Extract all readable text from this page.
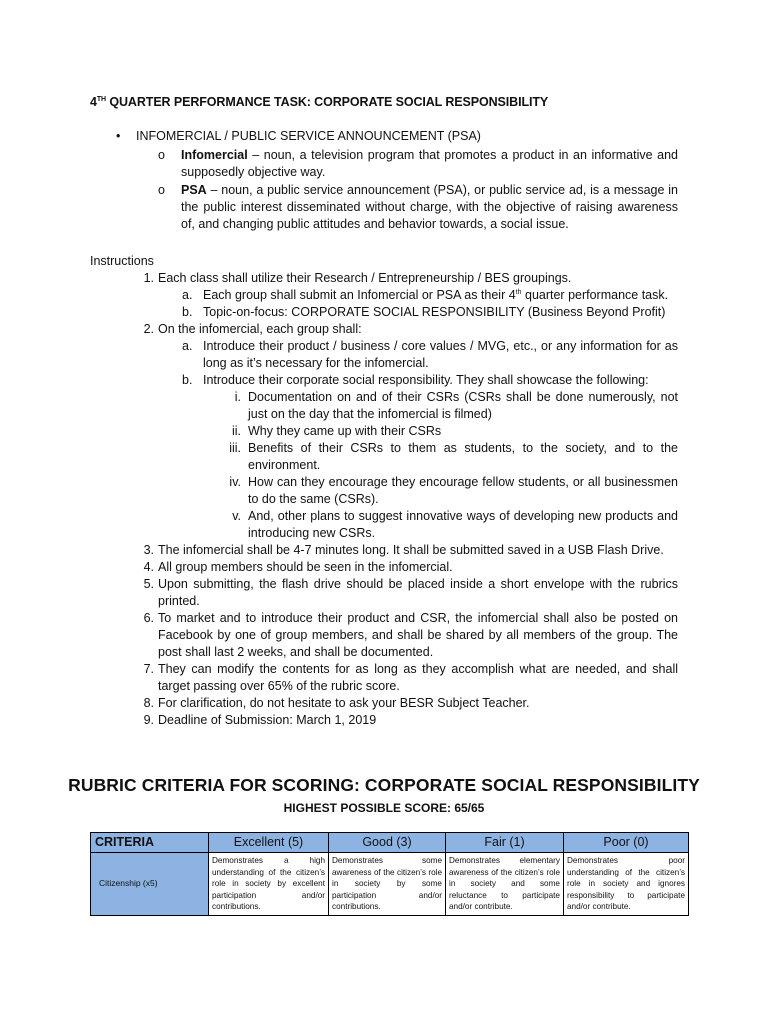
4TH QUARTER PERFORMANCE TASK: CORPORATE SOCIAL RESPONSIBILITY
• INFOMERCIAL / PUBLIC SERVICE ANNOUNCEMENT (PSA)
o Infomercial – noun, a television program that promotes a product in an informative and supposedly objective way.
o PSA – noun, a public service announcement (PSA), or public service ad, is a message in the public interest disseminated without charge, with the objective of raising awareness of, and changing public attitudes and behavior towards, a social issue.
Instructions
1. Each class shall utilize their Research / Entrepreneurship / BES groupings.
a. Each group shall submit an Infomercial or PSA as their 4th quarter performance task.
b. Topic-on-focus: CORPORATE SOCIAL RESPONSIBILITY (Business Beyond Profit)
2. On the infomercial, each group shall:
a. Introduce their product / business / core values / MVG, etc., or any information for as long as it’s necessary for the infomercial.
b. Introduce their corporate social responsibility. They shall showcase the following:
i. Documentation on and of their CSRs (CSRs shall be done numerously, not just on the day that the infomercial is filmed)
ii. Why they came up with their CSRs
iii. Benefits of their CSRs to them as students, to the society, and to the environment.
iv. How can they encourage they encourage fellow students, or all businessmen to do the same (CSRs).
v. And, other plans to suggest innovative ways of developing new products and introducing new CSRs.
3. The infomercial shall be 4-7 minutes long. It shall be submitted saved in a USB Flash Drive.
4. All group members should be seen in the infomercial.
5. Upon submitting, the flash drive should be placed inside a short envelope with the rubrics printed.
6. To market and to introduce their product and CSR, the infomercial shall also be posted on Facebook by one of group members, and shall be shared by all members of the group. The post shall last 2 weeks, and shall be documented.
7. They can modify the contents for as long as they accomplish what are needed, and shall target passing over 65% of the rubric score.
8. For clarification, do not hesitate to ask your BESR Subject Teacher.
9. Deadline of Submission: March 1, 2019
RUBRIC CRITERIA FOR SCORING: CORPORATE SOCIAL RESPONSIBILITY
HIGHEST POSSIBLE SCORE: 65/65
CRITERIA	Excellent (5)	Good (3)	Fair (1)	Poor (0)
Citizenship (x5)	Demonstrates a high understanding of the citizen’s role in society by excellent participation and/or contributions.	Demonstrates some awareness of the citizen’s role in society by some participation and/or contributions.	Demonstrates elementary awareness of the citizen’s role in society and some reluctance to participate and/or contribute.	Demonstrates poor understanding of the citizen’s role in society and ignores responsibility to participate and/or contribute.
